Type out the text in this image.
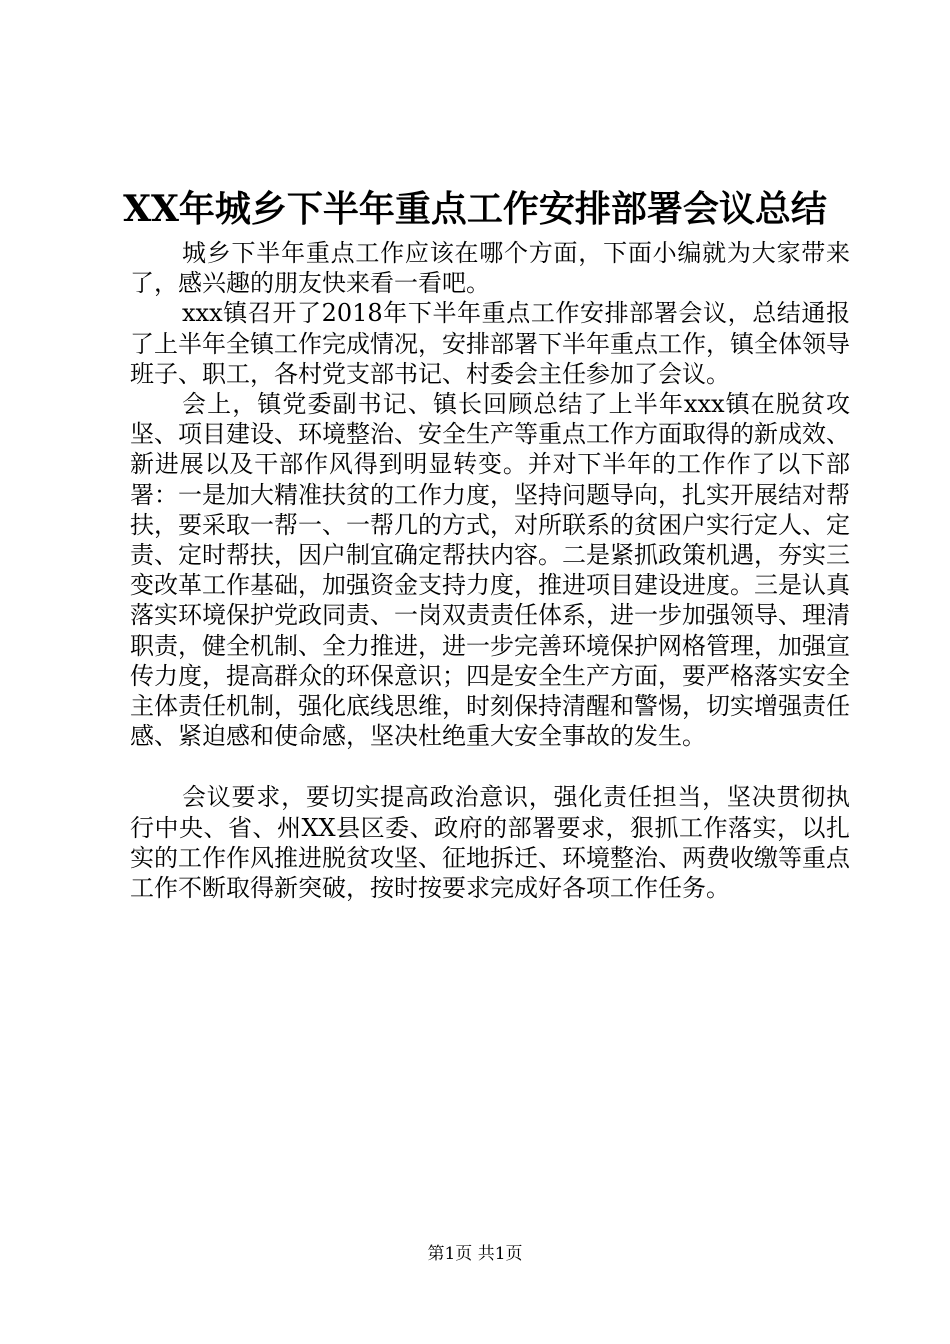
XX年城乡下半年重点工作安排部署会议总结

城乡下半年重点工作应该在哪个方面，下面小编就为大家带来了，感兴趣的朋友快来看一看吧。

xxx镇召开了2018年下半年重点工作安排部署会议，总结通报了上半年全镇工作完成情况，安排部署下半年重点工作，镇全体领导班子、职工，各村党支部书记、村委会主任参加了会议。

会上，镇党委副书记、镇长回顾总结了上半年xxx镇在脱贫攻坚、项目建设、环境整治、安全生产等重点工作方面取得的新成效、新进展以及干部作风得到明显转变。并对下半年的工作作了以下部署：一是加大精准扶贫的工作力度，坚持问题导向，扎实开展结对帮扶，要采取一帮一、一帮几的方式，对所联系的贫困户实行定人、定责、定时帮扶，因户制宜确定帮扶内容。二是紧抓政策机遇，夯实三变改革工作基础，加强资金支持力度，推进项目建设进度。三是认真落实环境保护党政同责、一岗双责责任体系，进一步加强领导、理清职责，健全机制、全力推进，进一步完善环境保护网格管理，加强宣传力度，提高群众的环保意识；四是安全生产方面，要严格落实安全主体责任机制，强化底线思维，时刻保持清醒和警惕，切实增强责任感、紧迫感和使命感，坚决杜绝重大安全事故的发生。

会议要求，要切实提高政治意识，强化责任担当，坚决贯彻执行中央、省、州XX县区委、政府的部署要求，狠抓工作落实，以扎实的工作作风推进脱贫攻坚、征地拆迁、环境整治、两费收缴等重点工作不断取得新突破，按时按要求完成好各项工作任务。

第1页 共1页
